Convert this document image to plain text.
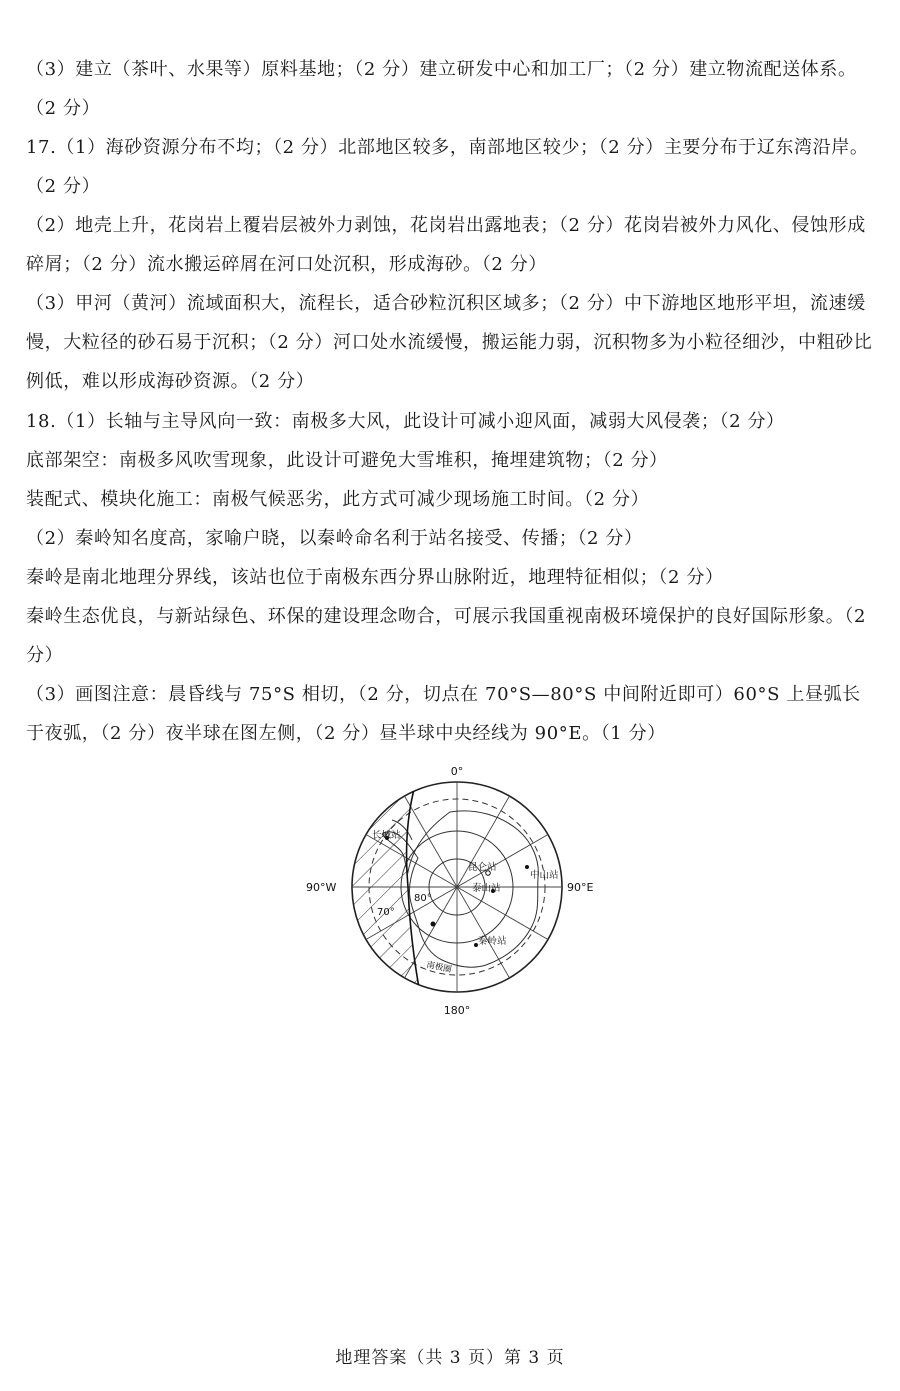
（3）建立（茶叶、水果等）原料基地；（2 分）建立研发中心和加工厂；（2 分）建立物流配送体系。（2 分）

17.（1）海砂资源分布不均；（2 分）北部地区较多，南部地区较少；（2 分）主要分布于辽东湾沿岸。（2 分）

（2）地壳上升，花岗岩上覆岩层被外力剥蚀，花岗岩出露地表；（2 分）花岗岩被外力风化、侵蚀形成碎屑；（2 分）流水搬运碎屑在河口处沉积，形成海砂。（2 分）

（3）甲河（黄河）流域面积大，流程长，适合砂粒沉积区域多；（2 分）中下游地区地形平坦，流速缓慢，大粒径的砂石易于沉积；（2 分）河口处水流缓慢，搬运能力弱，沉积物多为小粒径细沙，中粗砂比例低，难以形成海砂资源。（2 分）

18.（1）长轴与主导风向一致：南极多大风，此设计可减小迎风面，减弱大风侵袭；（2 分）

底部架空：南极多风吹雪现象，此设计可避免大雪堆积，掩埋建筑物；（2 分）

装配式、模块化施工：南极气候恶劣，此方式可减少现场施工时间。（2 分）

（2）秦岭知名度高，家喻户晓，以秦岭命名利于站名接受、传播；（2 分）

秦岭是南北地理分界线，该站也位于南极东西分界山脉附近，地理特征相似；（2 分）

秦岭生态优良，与新站绿色、环保的建设理念吻合，可展示我国重视南极环境保护的良好国际形象。（2 分）

（3）画图注意：晨昏线与 75°S 相切，（2 分，切点在 70°S—80°S 中间附近即可）60°S 上昼弧长于夜弧，（2 分）夜半球在图左侧，（2 分）昼半球中央经线为 90°E。（1 分）

0°
90°W	90°E
180°
80°
70°
长城站
昆仑站
中山站
泰山站
秦岭站
南极圈
地理答案（共 3 页）第 3 页
